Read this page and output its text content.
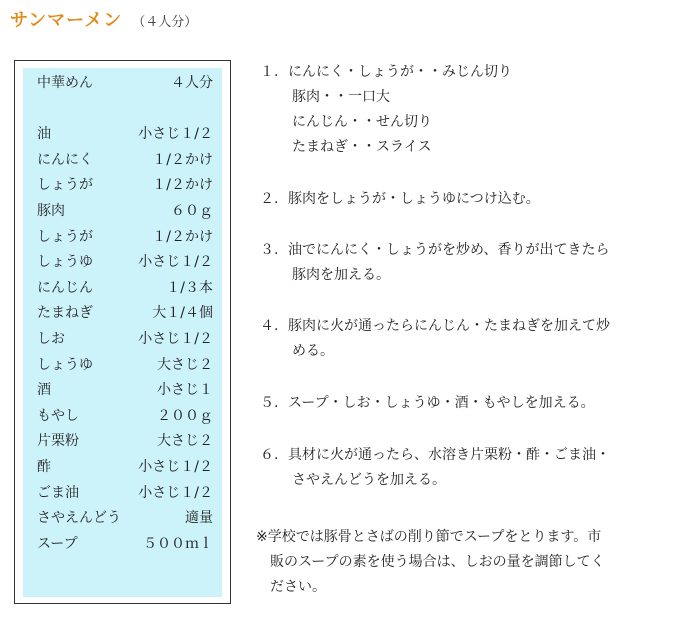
サンマーメン （４人分）
中華めん	４人分
油	小さじ１/２
にんにく	１/２かけ
しょうが	１/２かけ
豚肉	６０ｇ
しょうが	１/２かけ
しょうゆ	小さじ１/２
にんじん	１/３本
たまねぎ	大１/４個
しお	小さじ１/２
しょうゆ	大さじ２
酒	小さじ１
もやし	２００ｇ
片栗粉	大さじ２
酢	小さじ１/２
ごま油	小さじ１/２
さやえんどう	適量
スープ	５００ｍｌ
１. にんにく・しょうが・・みじん切り
豚肉・・一口大
にんじん・・せん切り
たまねぎ・・スライス
２. 豚肉をしょうが・しょうゆにつけ込む。
３. 油でにんにく・しょうがを炒め、香りが出てきたら
豚肉を加える。
４. 豚肉に火が通ったらにんじん・たまねぎを加えて炒
める。
５. スープ・しお・しょうゆ・酒・もやしを加える。
６. 具材に火が通ったら、水溶き片栗粉・酢・ごま油・
さやえんどうを加える。
※学校では豚骨とさばの削り節でスープをとります。市
販のスープの素を使う場合は、しおの量を調節してく
ださい。
